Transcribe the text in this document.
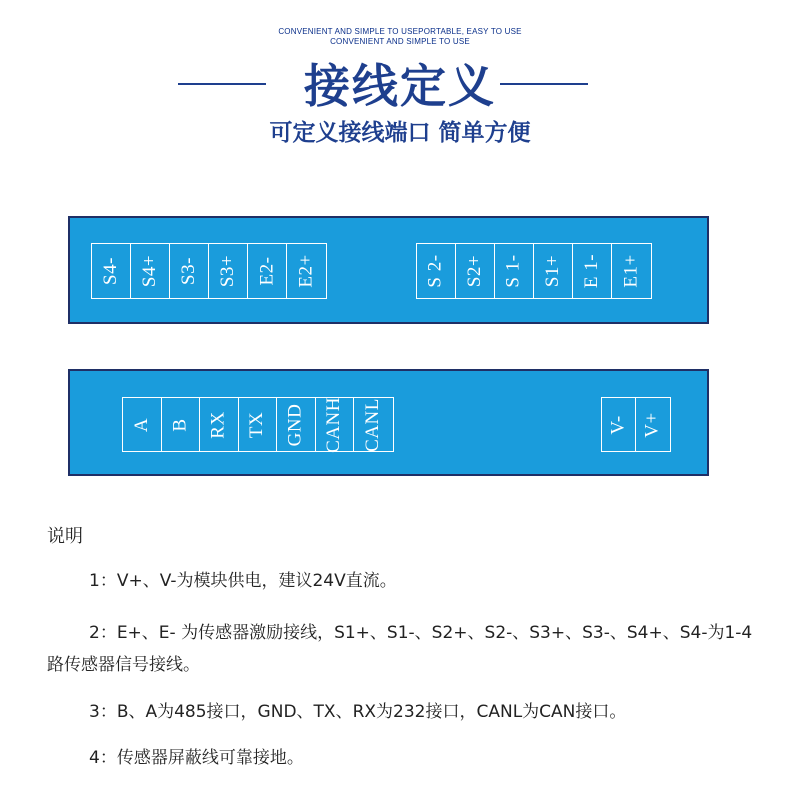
CONVENIENT AND SIMPLE TO USEPORTABLE, EASY TO USE
CONVENIENT AND SIMPLE TO USE
接线定义
可定义接线端口 简单方便
S4- S4+ S3- S3+ E2- E2+	S 2- S2+ S 1- S1+ E 1- E1+
A B RX TX GND CANH CANL	V- V+
说明
1：V+、V-为模块供电，建议24V直流。
2：E+、E- 为传感器激励接线，S1+、S1-、S2+、S2-、S3+、S3-、S4+、S4-为1-4路传感器信号接线。
3：B、A为485接口，GND、TX、RX为232接口，CANL为CAN接口。
4：传感器屏蔽线可靠接地。
